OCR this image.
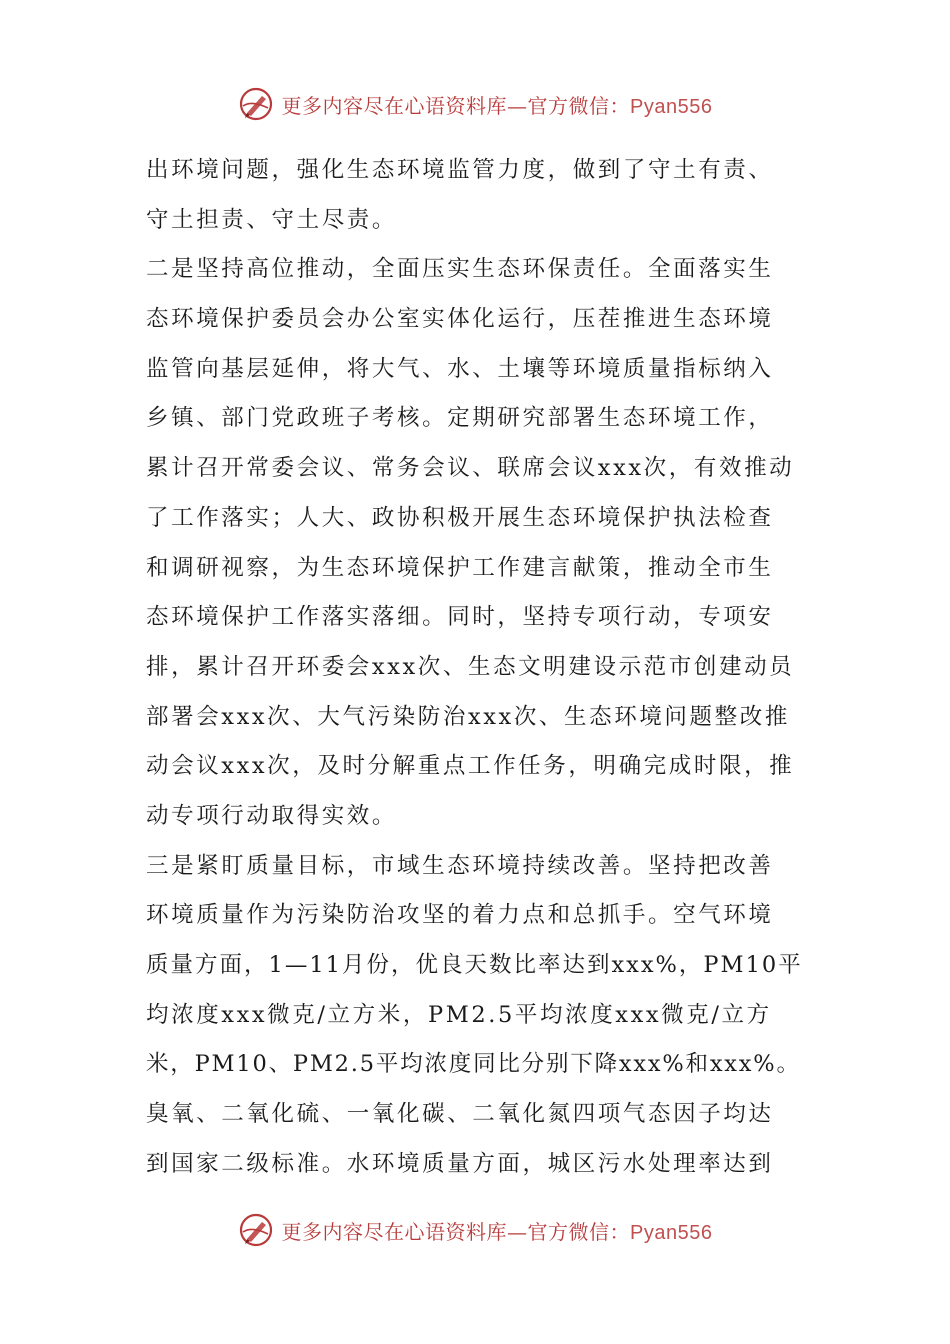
更多内容尽在心语资料库—官方微信：Pyan556
出环境问题，强化生态环境监管力度，做到了守土有责、
守土担责、守土尽责。
二是坚持高位推动，全面压实生态环保责任。全面落实生
态环境保护委员会办公室实体化运行，压茬推进生态环境
监管向基层延伸，将大气、水、土壤等环境质量指标纳入
乡镇、部门党政班子考核。定期研究部署生态环境工作，
累计召开常委会议、常务会议、联席会议xxx次，有效推动
了工作落实；人大、政协积极开展生态环境保护执法检查
和调研视察，为生态环境保护工作建言献策，推动全市生
态环境保护工作落实落细。同时，坚持专项行动，专项安
排，累计召开环委会xxx次、生态文明建设示范市创建动员
部署会xxx次、大气污染防治xxx次、生态环境问题整改推
动会议xxx次，及时分解重点工作任务，明确完成时限，推
动专项行动取得实效。
三是紧盯质量目标，市域生态环境持续改善。坚持把改善
环境质量作为污染防治攻坚的着力点和总抓手。空气环境
质量方面，1—11月份，优良天数比率达到xxx%，PM10平
均浓度xxx微克/立方米，PM2.5平均浓度xxx微克/立方
米，PM10、PM2.5平均浓度同比分别下降xxx%和xxx%。
臭氧、二氧化硫、一氧化碳、二氧化氮四项气态因子均达
到国家二级标准。水环境质量方面，城区污水处理率达到
更多内容尽在心语资料库—官方微信：Pyan556
